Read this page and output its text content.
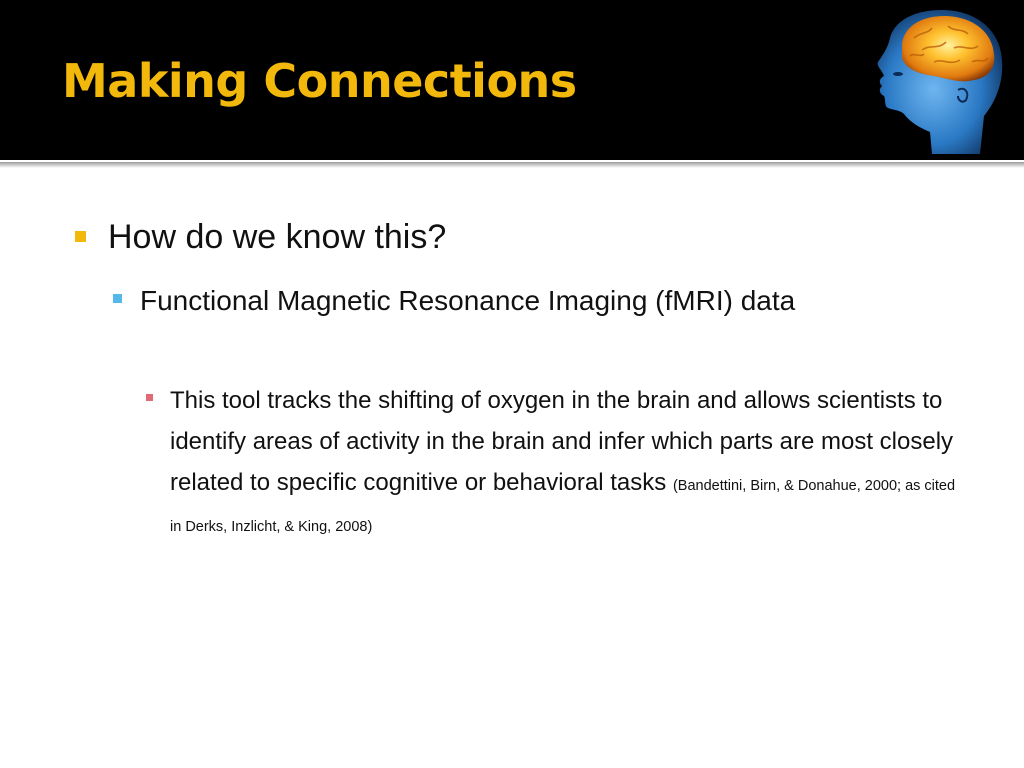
Making Connections
How do we know this?
Functional Magnetic Resonance Imaging (fMRI) data
This tool tracks the shifting of oxygen in the brain and allows scientists to identify areas of activity in the brain and infer which parts are most closely related to specific cognitive or behavioral tasks (Bandettini, Birn, & Donahue, 2000; as cited in Derks, Inzlicht, & King, 2008)
